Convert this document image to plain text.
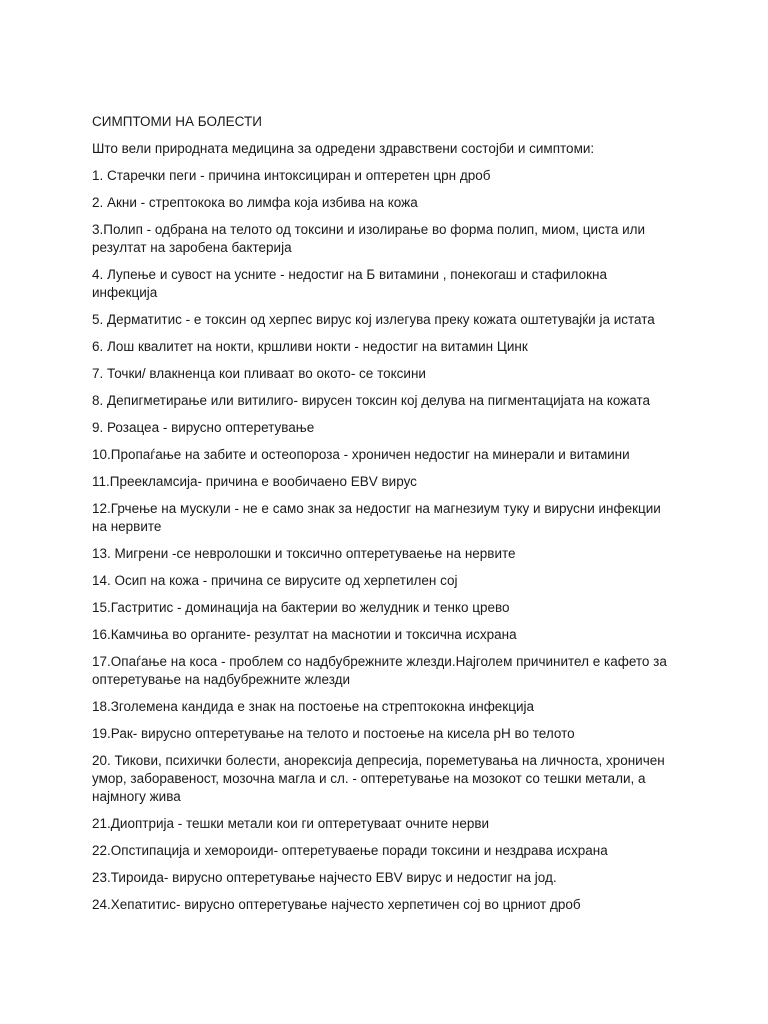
СИМПТОМИ НА БОЛЕСТИ

Што вели природната медицина за одредени здравствени состојби и симптоми:

1. Старечки пеги - причина интоксициран и оптеретен црн дроб

2. Акни - стрептокока во лимфа која избива на кожа

3.Полип - одбрана на телото од токсини и изолирање во форма полип, миом, циста или резултат на заробена бактерија

4. Лупење и сувост на усните - недостиг на Б витамини , понекогаш и стафилокна инфекција

5. Дерматитис - е токсин од херпес вирус кој излегува преку кожата оштетувајќи ја истата

6. Лош квалитет на нокти, кршливи нокти - недостиг на витамин Цинк

7. Точки/ влакненца кои пливаат во окото- се токсини

8. Депигметирање или витилиго- вирусен токсин кој делува на пигментацијата на кожата

9. Розацеа - вирусно оптеретување

10.Пропаѓање на забите и остеопороза - хроничен недостиг на минерали и витамини

11.Преекламсија- причина е вообичаено EBV вирус

12.Грчење на мускули - не е само знак за недостиг на магнезиум туку и вирусни инфекции на нервите

13. Мигрени -се невролошки и токсично оптеретуваење на нервите

14. Осип на кожа - причина се вирусите од херпетилен сој

15.Гастритис - доминација на бактерии во желудник и тенко црево

16.Камчиња во органите- резултат на маснотии и токсична исхрана

17.Опаѓање на коса - проблем со надбубрежните жлезди.Најголем причинител е кафето за оптеретување на надбубрежните жлезди

18.Зголемена кандида е знак на постоење на стрептококна инфекција

19.Рак- вирусно оптеретување на телото и постоење на кисела pH во телото

20. Тикови, психички болести, анорексија депресија, пореметувања на личноста, хроничен умор, заборавеност, мозочна магла и сл. - оптеретување на мозокот со тешки метали, а најмногу жива

21.Диоптрија - тешки метали кои ги оптеретуваат очните нерви

22.Опстипација и хемороиди- оптеретуваење поради токсини и нездрава исхрана

23.Тироида- вирусно оптеретување најчесто EBV вирус и недостиг на јод.

24.Хепатитис- вирусно оптеретување најчесто херпетичен сој во црниот дроб
